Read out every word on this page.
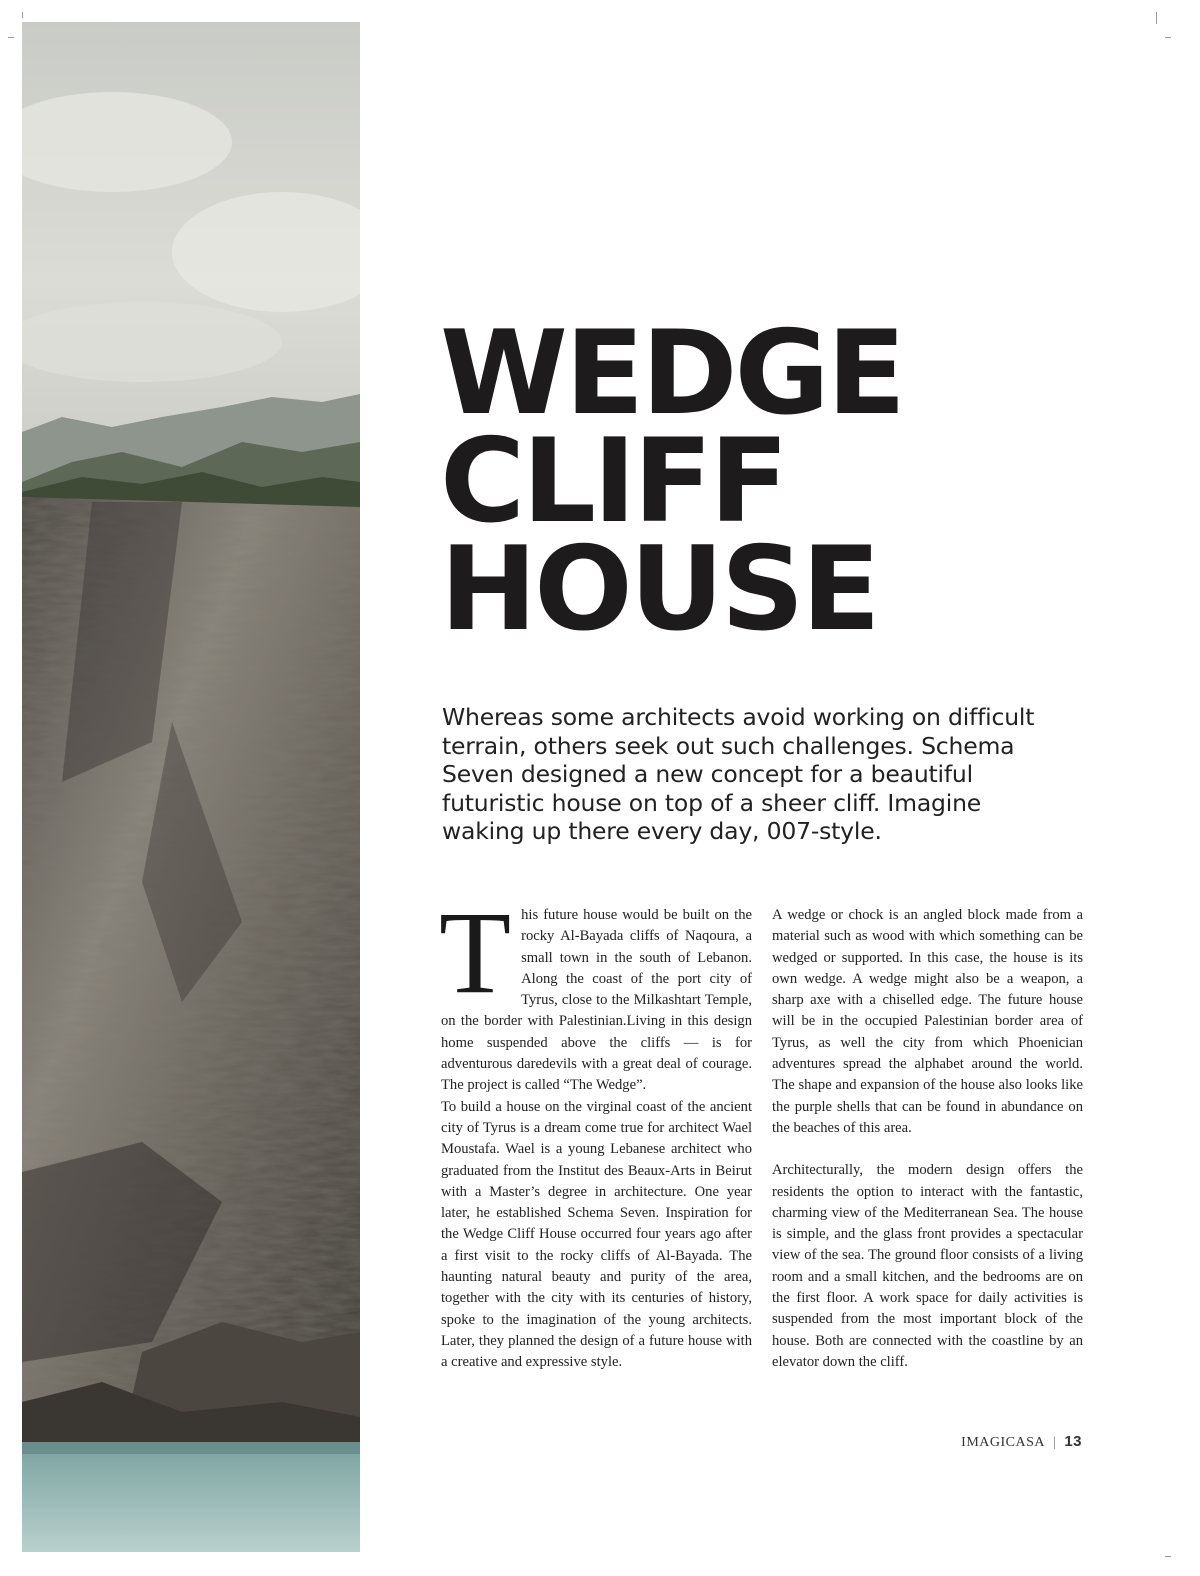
WEDGE
CLIFF
HOUSE

Whereas some architects avoid working on difficult terrain, others seek out such challenges. Schema Seven designed a new concept for a beautiful futuristic house on top of a sheer cliff. Imagine waking up there every day, 007-style.

This future house would be built on the rocky Al-Bayada cliffs of Naqoura, a small town in the south of Lebanon. Along the coast of the port city of Tyrus, close to the Milkashtart Temple, on the border with Palestinian.Living in this design home suspended above the cliffs — is for adventurous daredevils with a great deal of courage. The project is called “The Wedge”.

To build a house on the virginal coast of the ancient city of Tyrus is a dream come true for architect Wael Moustafa. Wael is a young Lebanese architect who graduated from the Institut des Beaux-Arts in Beirut with a Master’s degree in architecture. One year later, he established Schema Seven. Inspiration for the Wedge Cliff House occurred four years ago after a first visit to the rocky cliffs of Al-Bayada. The haunting natural beauty and purity of the area, together with the city with its centuries of history, spoke to the imagination of the young architects. Later, they planned the design of a future house with a creative and expressive style.

A wedge or chock is an angled block made from a material such as wood with which something can be wedged or supported. In this case, the house is its own wedge. A wedge might also be a weapon, a sharp axe with a chiselled edge. The future house will be in the occupied Palestinian border area of Tyrus, as well the city from which Phoenician adventures spread the alphabet around the world. The shape and expansion of the house also looks like the purple shells that can be found in abundance on the beaches of this area.

Architecturally, the modern design offers the residents the option to interact with the fantastic, charming view of the Mediterranean Sea. The house is simple, and the glass front provides a spectacular view of the sea. The ground floor consists of a living room and a small kitchen, and the bedrooms are on the first floor. A work space for daily activities is suspended from the most important block of the house. Both are connected with the coastline by an elevator down the cliff.

IMAGICASA | 13
